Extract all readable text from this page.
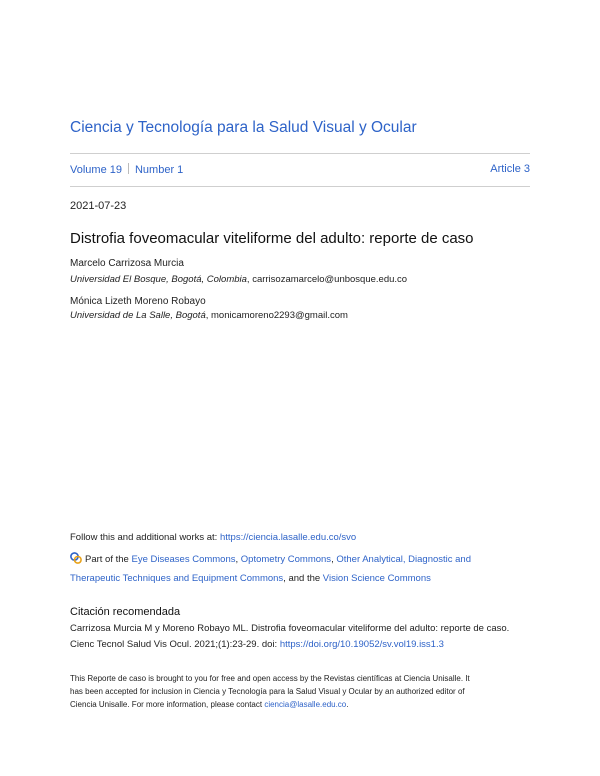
Ciencia y Tecnología para la Salud Visual y Ocular
Volume 19 Number 1	Article 3
2021-07-23
Distrofia foveomacular viteliforme del adulto: reporte de caso
Marcelo Carrizosa Murcia
Universidad El Bosque, Bogotá, Colombia, carrisozamarcelo@unbosque.edu.co
Mónica Lizeth Moreno Robayo
Universidad de La Salle, Bogotá, monicamoreno2293@gmail.com
Follow this and additional works at: https://ciencia.lasalle.edu.co/svo
Part of the Eye Diseases Commons, Optometry Commons, Other Analytical, Diagnostic and
Therapeutic Techniques and Equipment Commons, and the Vision Science Commons
Citación recomendada
Carrizosa Murcia M y Moreno Robayo ML. Distrofia foveomacular viteliforme del adulto: reporte de caso.
Cienc Tecnol Salud Vis Ocul. 2021;(1):23-29. doi: https://doi.org/10.19052/sv.vol19.iss1.3
This Reporte de caso is brought to you for free and open access by the Revistas científicas at Ciencia Unisalle. It
has been accepted for inclusion in Ciencia y Tecnología para la Salud Visual y Ocular by an authorized editor of
Ciencia Unisalle. For more information, please contact ciencia@lasalle.edu.co.
